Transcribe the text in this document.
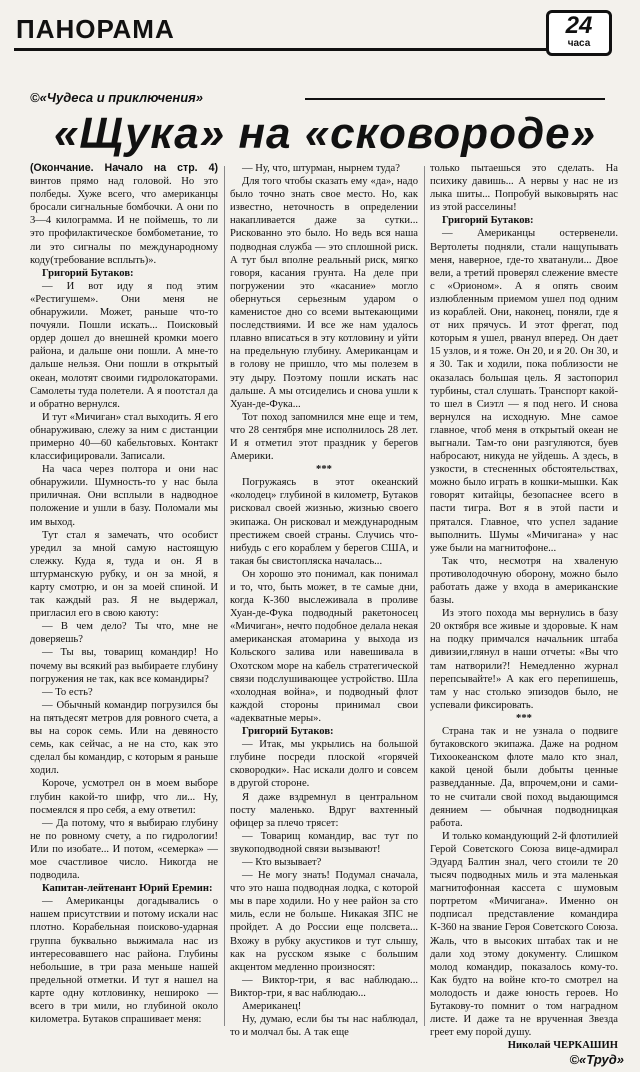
ПАНОРАМА	24
часа
©«Чудеса и приключения»
«Щука» на «сковороде»

(Окончание. Начало на стр. 4) винтов прямо над головой. Но это полбеды. Хуже всего, что американцы бросали сигнальные бомбочки. А они по 3—4 килограмма. И не поймешь, то ли это профилактическое бомбометание, то ли это сигналы по международному коду(требование всплыть)».

Григорий Бутаков:

— И вот иду я под этим «Рестигушем». Они меня не обнаружили. Может, раньше что-то почуяли. Пошли искать... Поисковый ордер дошел до внешней кромки моего района, и дальше они пошли. А мне-то дальше нельзя. Они пошли в открытый океан, молотят своими гидролокаторами. Самолеты туда полетели. А я поотстал да и обратно вернулся.

И тут «Мичиган» стал выходить. Я его обнаруживаю, слежу за ним с дистанции примерно 40—60 кабельтовых. Контакт классифицировали. Записали.

На часа через полтора и они нас обнаружили. Шумность-то у нас была приличная. Они всплыли в надводное положение и ушли в базу. Поломали мы им выход.

Тут стал я замечать, что особист уредил за мной самую настоящую слежку. Куда я, туда и он. Я в штурманскую рубку, и он за мной, я карту смотрю, и он за моей спиной. И так каждый раз. Я не выдержал, пригласил его в свою каюту:

— В чем дело? Ты что, мне не доверяешь?

— Ты вы, товарищ командир! Но почему вы всякий раз выбираете глубину погружения не так, как все командиры?

— То есть?

— Обычный командир погрузился бы на пятьдесят метров для ровного счета, а вы на сорок семь. Или на девяносто семь, как сейчас, а не на сто, как это сделал бы командир, с которым я раньше ходил.

Короче, усмотрел он в моем выборе глубин какой-то шифр, что ли... Ну, посмеялся я про себя, а ему ответил:

— Да потому, что я выбираю глубину не по ровному счету, а по гидрологии! Или по изобате... И потом, «семерка» — мое счастливое число. Никогда не подводила.

Капитан-лейтенант Юрий Еремин:

— Американцы догадывались о нашем присутствии и потому искали нас плотно. Корабельная поисково-ударная группа буквально выжимала нас из интересовавшего нас района. Глубины небольшие, в три раза меньше нашей предельной отметки. И тут я нашел на карте одну котловинку, нешироко — всего в три мили, но глубиной около километра. Бутаков спрашивает меня:

— Ну, что, штурман, нырнем туда?

Для того чтобы сказать ему «да», надо было точно знать свое место. Но, как известно, неточность в определении накапливается даже за сутки... Рискованно это было. Но ведь вся наша подводная служба — это сплошной риск. А тут был вполне реальный риск, мягко говоря, касания грунта. На деле при погружении это «касание» могло обернуться серьезным ударом о каменистое дно со всеми вытекающими последствиями. И все же нам удалось плавно вписаться в эту котловину и уйти на предельную глубину. Американцам и в голову не пришло, что мы полезем в эту дыру. Поэтому пошли искать нас дальше. А мы отсиделись и снова ушли к Хуан-де-Фука...

Тот поход запомнился мне еще и тем, что 28 сентября мне исполнилось 28 лет. И я отметил этот праздник у берегов Америки.

***

Погружаясь в этот океанский «колодец» глубиной в километр, Бутаков рисковал своей жизнью, жизнью своего экипажа. Он рисковал и международным престижем своей страны. Случись что-нибудь с его кораблем у берегов США, и такая бы свистопляска началась...

Он хорошо это понимал, как понимал и то, что, быть может, в те самые дни, когда К-360 выслеживала в проливе Хуан-де-Фука подводный ракетоносец «Мичиган», нечто подобное делала некая американская атомарина у выхода из Кольского залива или навешивала в Охотском море на кабель стратегической связи подслушивающее устройство. Шла «холодная война», и подводный флот каждой стороны принимал свои «адекватные меры».

Григорий Бутаков:

— Итак, мы укрылись на большой глубине посреди плоской «горячей сковородки». Нас искали долго и совсем в другой стороне.

Я даже вздремнул в центральном посту маленько. Вдруг вахтенный офицер за плечо трясет:

— Товарищ командир, вас тут по звукоподводной связи вызывают!

— Кто вызывает?

— Не могу знать! Подумал сначала, что это наша подводная лодка, с которой мы в паре ходили. Но у нее район за сто миль, если не больше. Никакая ЗПС не пройдет. А до России еще полсвета... Вхожу в рубку акустиков и тут слышу, как на русском языке с большим акцентом медленно произносят:

— Виктор-три, я вас наблюдаю... Виктор-три, я вас наблюдаю...

Американец!

Ну, думаю, если бы ты нас наблюдал, то и молчал бы. А так еще

только пытаешься это сделать. На психику давишь... А нервы у нас не из лыка шиты... Попробуй выковырять нас из этой расселины!

Григорий Бутаков:

— Американцы остервенели. Вертолеты подняли, стали нащупывать меня, наверное, где-то хватанули... Двое вели, а третий проверял слежение вместе с «Орионом». А я опять своим излюбленным приемом ушел под одним из кораблей. Они, наконец, поняли, где я от них прячусь. И этот фрегат, под которым я ушел, рванул вперед. Он дает 15 узлов, и я тоже. Он 20, и я 20. Он 30, и я 30. Так и ходили, пока поблизости не оказалась большая цель. Я застопорил турбины, стал слушать. Транспорт какой-то шел в Сиэтл — я под него. И снова вернулся на исходную. Мне самое главное, чтоб меня в открытый океан не выгнали. Там-то они разгуляются, буев набросают, никуда не уйдешь. А здесь, в узкости, в стесненных обстоятельствах, можно было играть в кошки-мышки. Как говорят китайцы, безопаснее всего в пасти тигра. Вот я в этой пасти и прятался. Главное, что успел задание выполнить. Шумы «Мичигана» у нас уже были на магнитофоне...

Так что, несмотря на хваленую противолодочную оборону, можно было работать даже у входа в американские базы.

Из этого похода мы вернулись в базу 20 октября все живые и здоровые. К нам на подку примчался начальник штаба дивизии,глянул в наши отчеты: «Вы что там натворили?! Немедленно журнал перепсывайте!» А как его перепишешь, там у нас столько эпизодов было, не успевали фиксировать.

***

Страна так и не узнала о подвиге бутаковского экипажа. Даже на родном Тихоокеанском флоте мало кто знал, какой ценой были добыты ценные разведданные. Да, впрочем,они и сами-то не считали свой поход выдающимся деянием — обычная подводницкая работа.

И только командующий 2-й флотилией Герой Советского Союза вице-адмирал Эдуард Балтин знал, чего стоили те 20 тысяч подводных миль и эта маленькая магнитофонная кассета с шумовым портретом «Мичигана». Именно он подписал представление командира К-360 на звание Героя Советского Союза. Жаль, что в высоких штабах так и не дали ход этому документу. Слишком молод командир, показалось кому-то. Как будто на войне кто-то смотрел на молодость и даже юность героев. Но Бутакову-то помнит о том наградном листе. И даже та не врученная Звезда греет ему порой душу.

Николай ЧЕРКАШИН

©«Труд»
